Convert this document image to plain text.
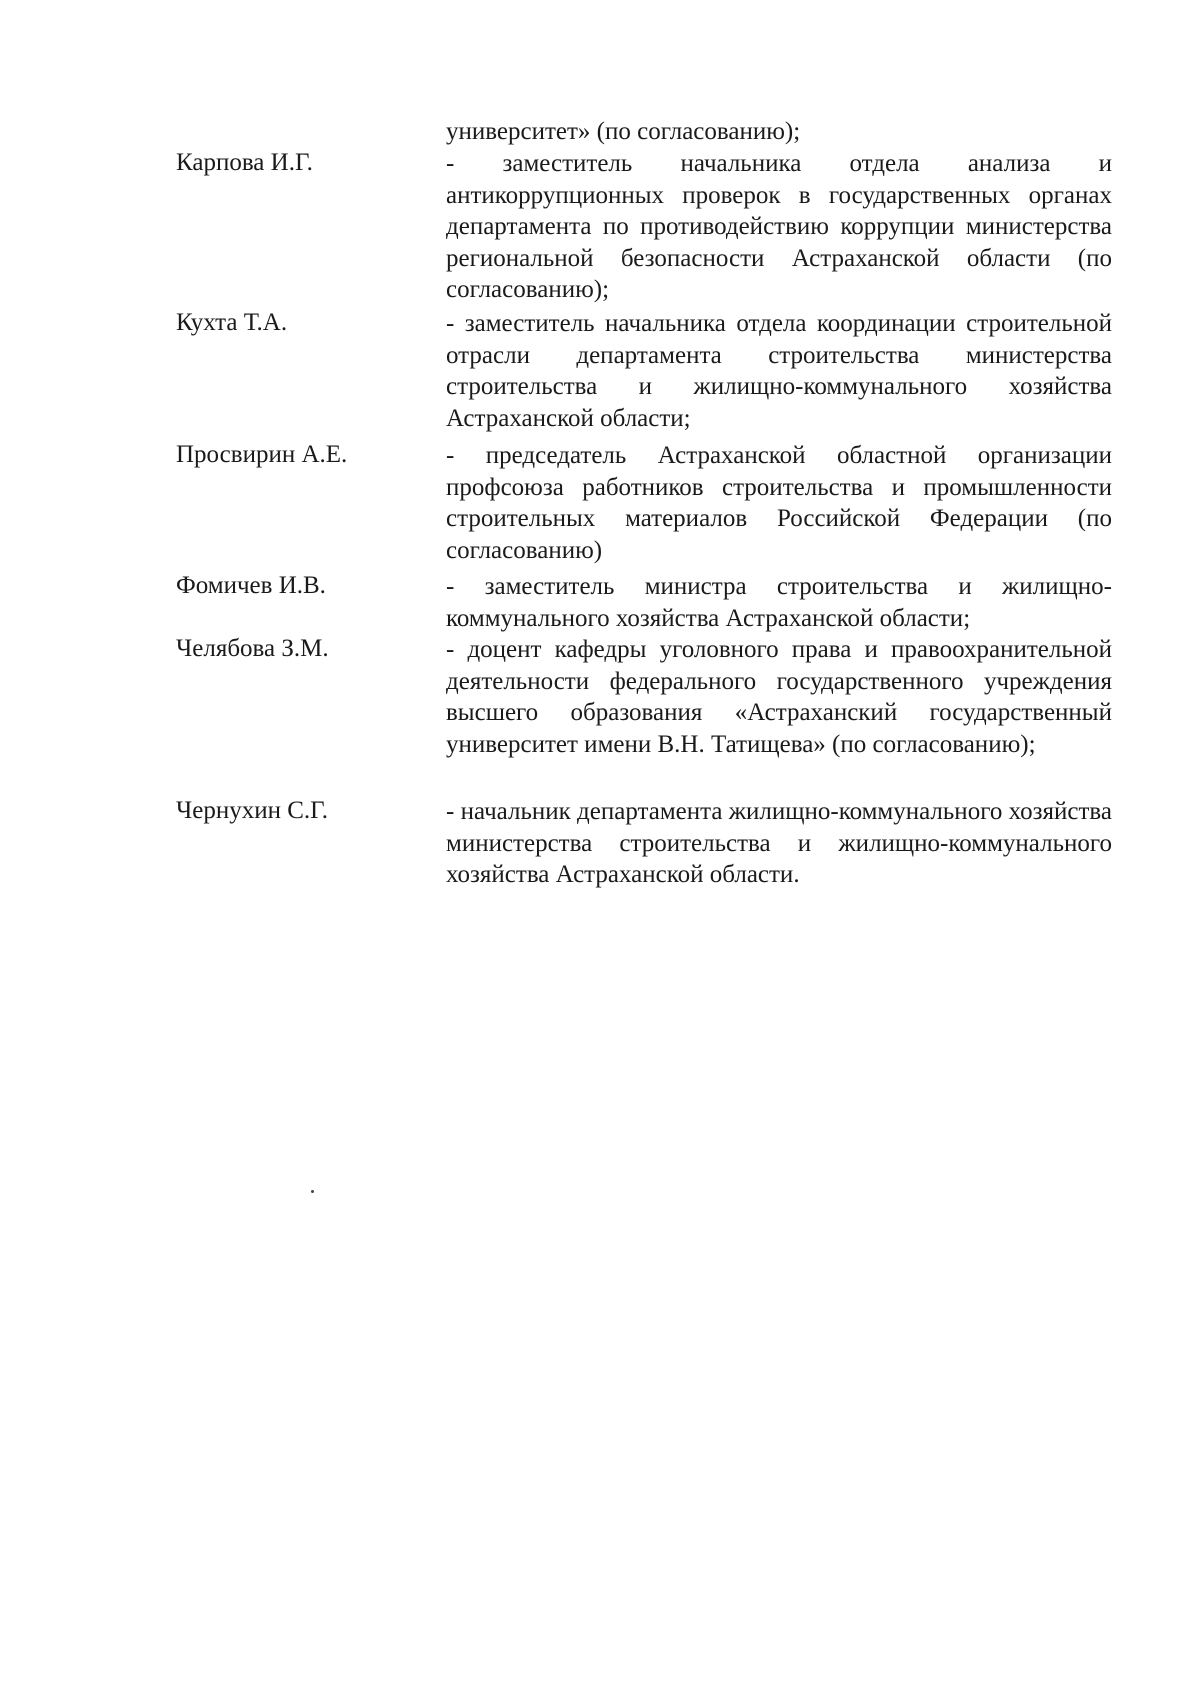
университет» (по согласованию);

Карпова И.Г.	- заместитель начальника отдела анализа и антикоррупционных проверок в государственных органах департамента по противодействию коррупции министерства региональной безопасности Астраханской области (по согласованию);

Кухта Т.А.	- заместитель начальника отдела координации строительной отрасли департамента строительства министерства строительства и жилищно-коммунального хозяйства Астраханской области;

Просвирин А.Е.	- председатель Астраханской областной организации профсоюза работников строительства и промышленности строительных материалов Российской Федерации (по согласованию)

Фомичев И.В.	- заместитель министра строительства и жилищно-коммунального хозяйства Астраханской области;

Челябова З.М.	- доцент кафедры уголовного права и правоохранительной деятельности федерального государственного учреждения высшего образования «Астраханский государственный университет имени В.Н. Татищева» (по согласованию);

Чернухин С.Г.	- начальник департамента жилищно-коммунального хозяйства министерства строительства и жилищно-коммунального хозяйства Астраханской области.
